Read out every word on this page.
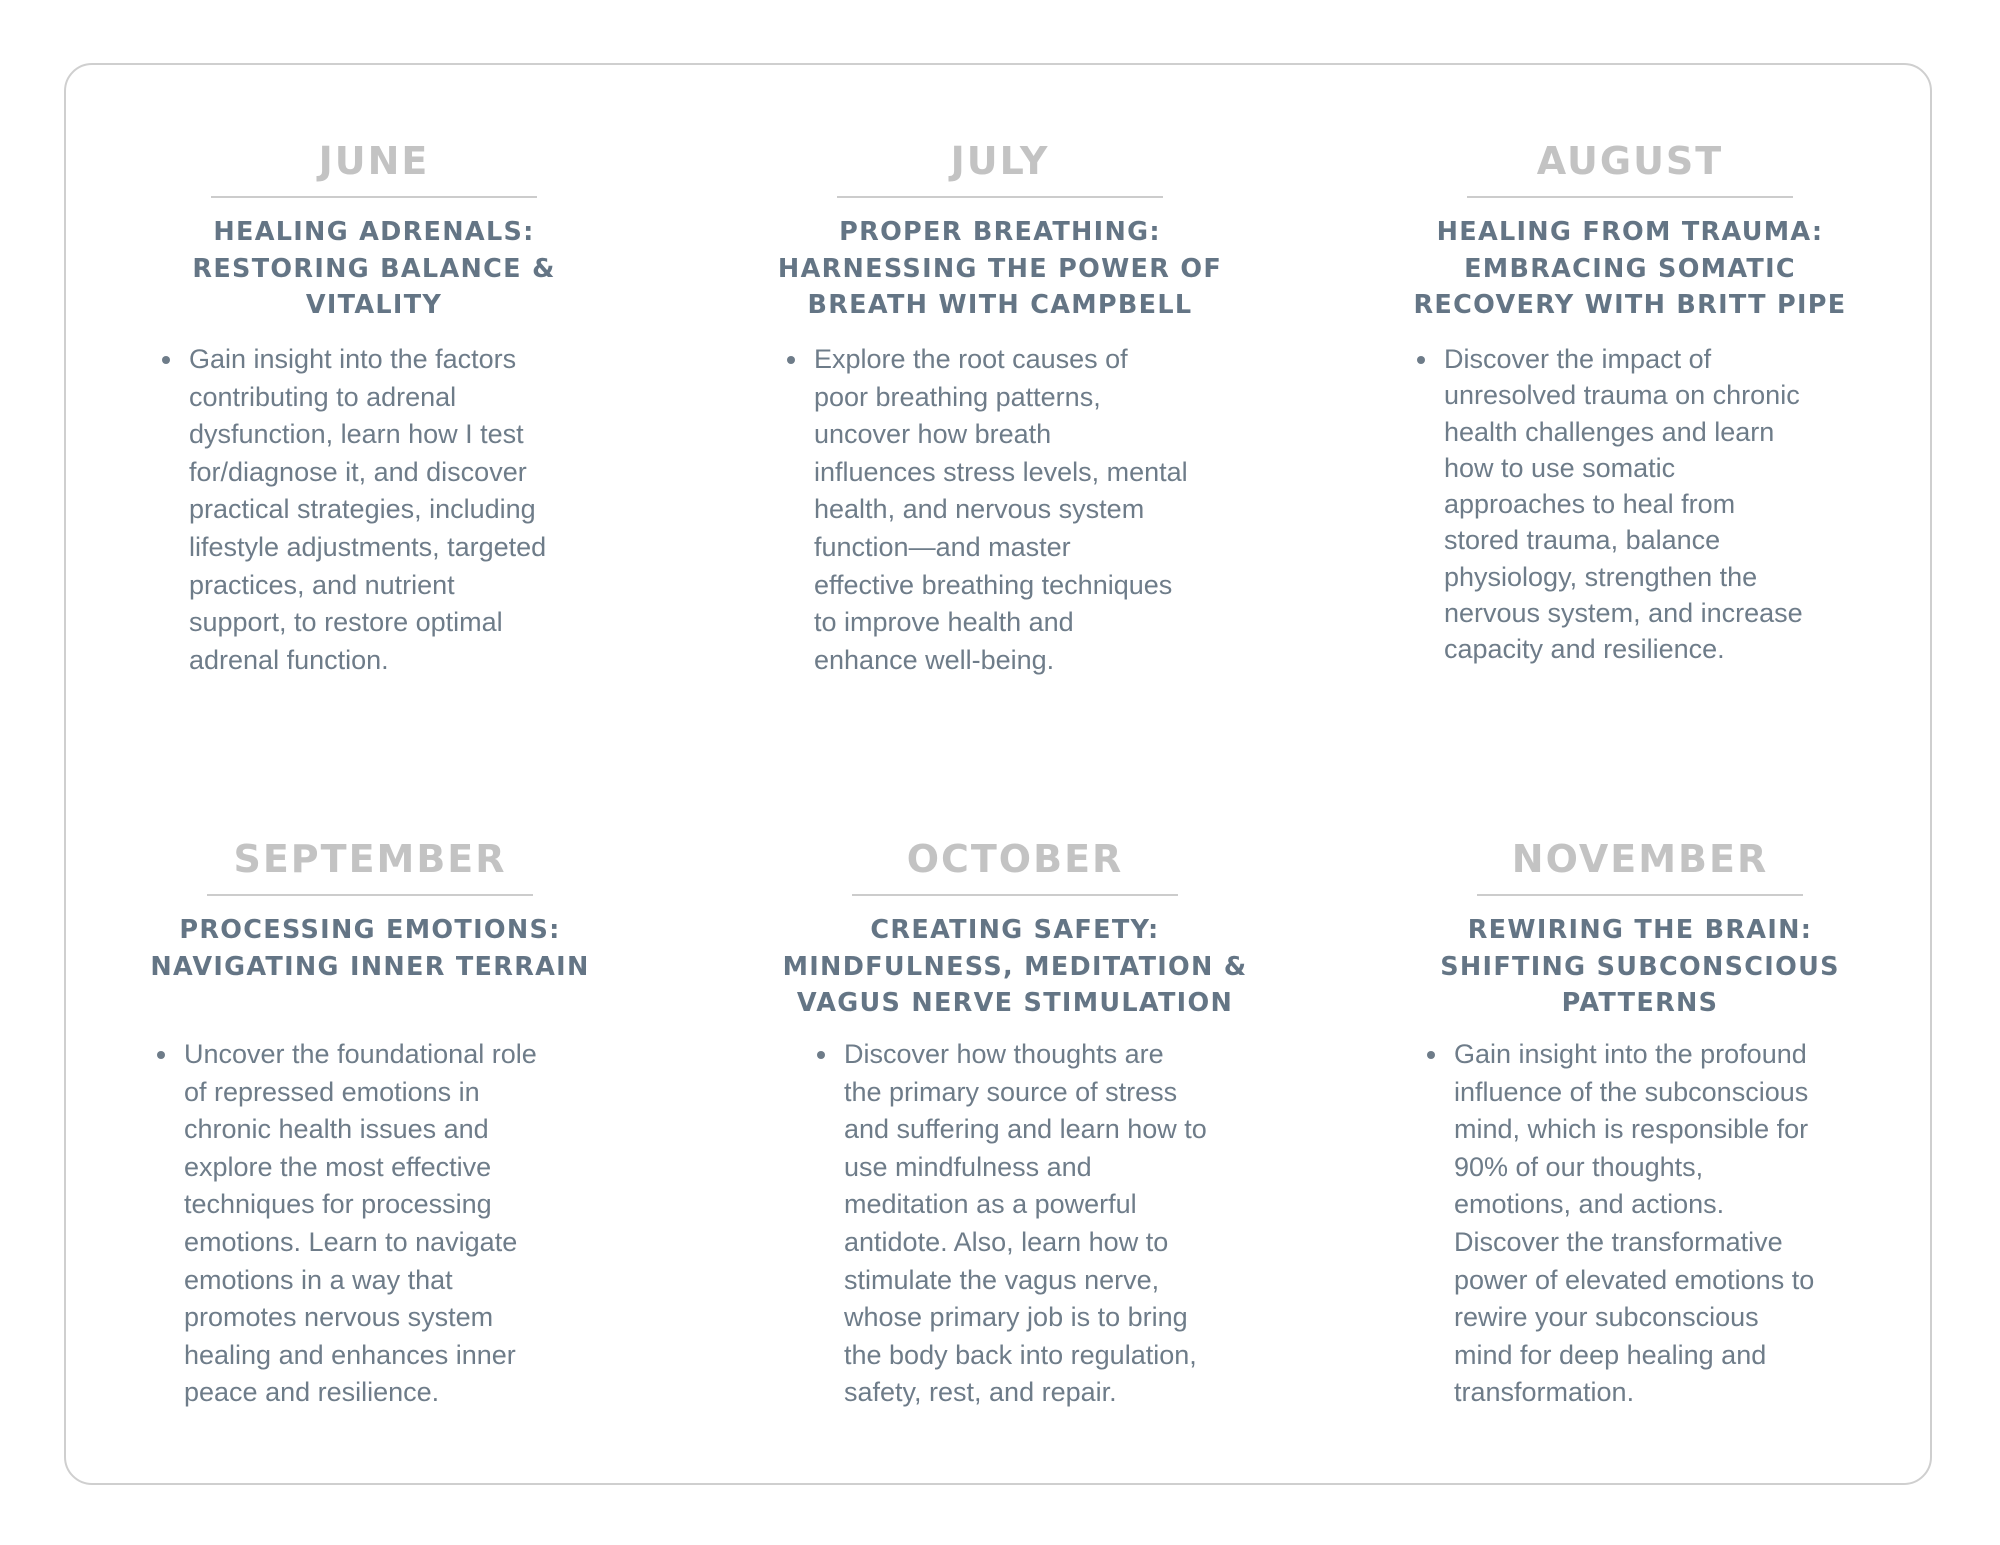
JUNE
HEALING ADRENALS:
RESTORING BALANCE &
VITALITY
Gain insight into the factors
contributing to adrenal
dysfunction, learn how I test
for/diagnose it, and discover
practical strategies, including
lifestyle adjustments, targeted
practices, and nutrient
support, to restore optimal
adrenal function.
JULY
PROPER BREATHING:
HARNESSING THE POWER OF
BREATH WITH CAMPBELL
Explore the root causes of
poor breathing patterns,
uncover how breath
influences stress levels, mental
health, and nervous system
function—and master
effective breathing techniques
to improve health and
enhance well-being.
AUGUST
HEALING FROM TRAUMA:
EMBRACING SOMATIC
RECOVERY WITH BRITT PIPE
Discover the impact of
unresolved trauma on chronic
health challenges and learn
how to use somatic
approaches to heal from
stored trauma, balance
physiology, strengthen the
nervous system, and increase
capacity and resilience.
SEPTEMBER
PROCESSING EMOTIONS:
NAVIGATING INNER TERRAIN
Uncover the foundational role
of repressed emotions in
chronic health issues and
explore the most effective
techniques for processing
emotions. Learn to navigate
emotions in a way that
promotes nervous system
healing and enhances inner
peace and resilience.
OCTOBER
CREATING SAFETY:
MINDFULNESS, MEDITATION &
VAGUS NERVE STIMULATION
Discover how thoughts are
the primary source of stress
and suffering and learn how to
use mindfulness and
meditation as a powerful
antidote. Also, learn how to
stimulate the vagus nerve,
whose primary job is to bring
the body back into regulation,
safety, rest, and repair.
NOVEMBER
REWIRING THE BRAIN:
SHIFTING SUBCONSCIOUS
PATTERNS
Gain insight into the profound
influence of the subconscious
mind, which is responsible for
90% of our thoughts,
emotions, and actions.
Discover the transformative
power of elevated emotions to
rewire your subconscious
mind for deep healing and
transformation.
